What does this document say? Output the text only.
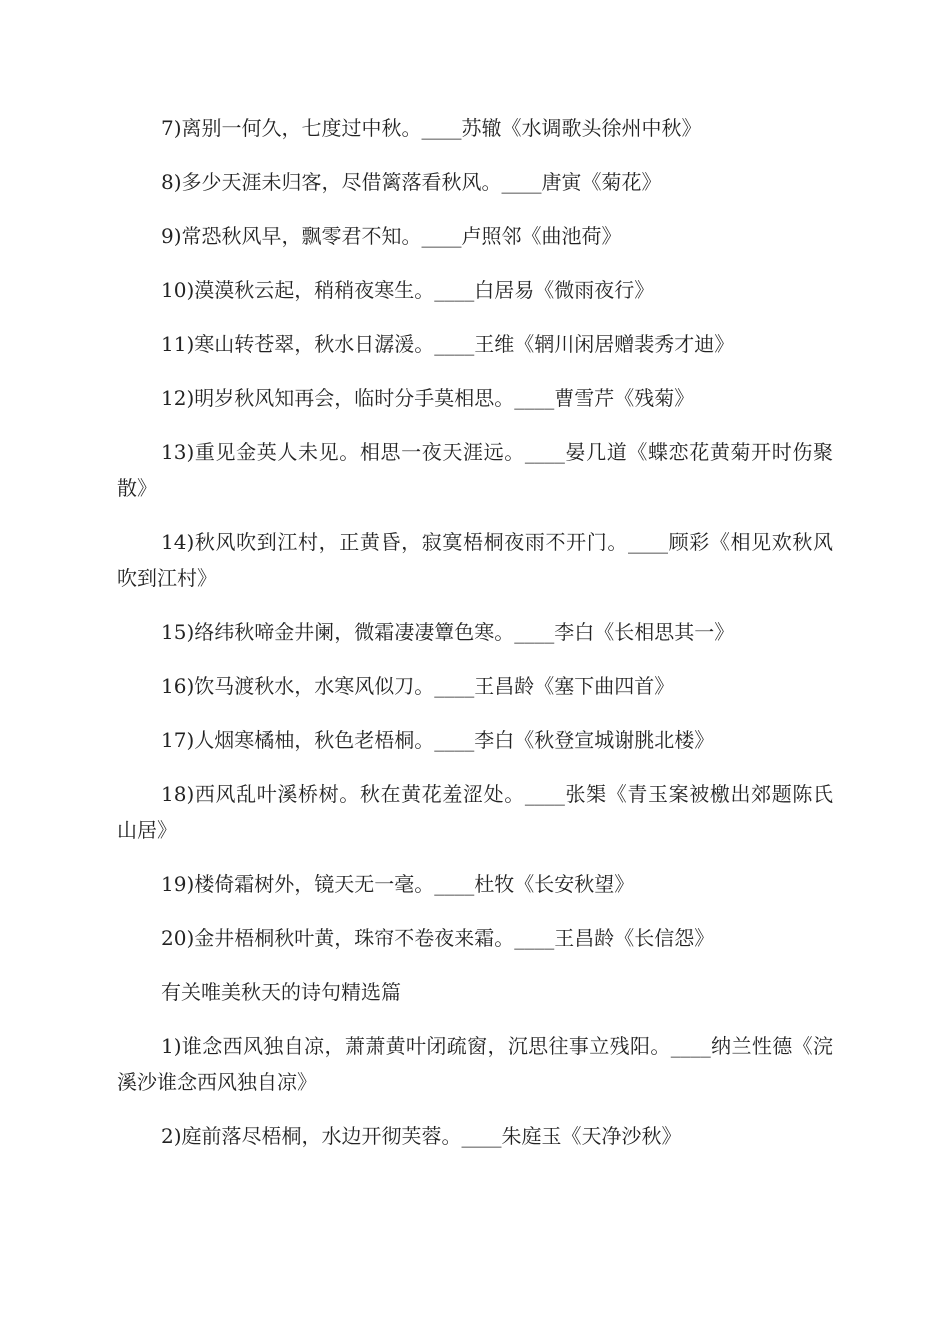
7)离别一何久，七度过中秋。____苏辙《水调歌头徐州中秋》

8)多少天涯未归客，尽借篱落看秋风。____唐寅《菊花》

9)常恐秋风早，飘零君不知。____卢照邻《曲池荷》

10)漠漠秋云起，稍稍夜寒生。____白居易《微雨夜行》

11)寒山转苍翠，秋水日潺湲。____王维《辋川闲居赠裴秀才迪》

12)明岁秋风知再会，临时分手莫相思。____曹雪芹《残菊》

13)重见金英人未见。相思一夜天涯远。____晏几道《蝶恋花黄菊开时伤聚散》

14)秋风吹到江村，正黄昏，寂寞梧桐夜雨不开门。____顾彩《相见欢秋风吹到江村》

15)络纬秋啼金井阑，微霜凄凄簟色寒。____李白《长相思其一》

16)饮马渡秋水，水寒风似刀。____王昌龄《塞下曲四首》

17)人烟寒橘柚，秋色老梧桐。____李白《秋登宣城谢朓北楼》

18)西风乱叶溪桥树。秋在黄花羞涩处。____张榘《青玉案被檄出郊题陈氏山居》

19)楼倚霜树外，镜天无一毫。____杜牧《长安秋望》

20)金井梧桐秋叶黄，珠帘不卷夜来霜。____王昌龄《长信怨》

有关唯美秋天的诗句精选篇

1)谁念西风独自凉，萧萧黄叶闭疏窗，沉思往事立残阳。____纳兰性德《浣溪沙谁念西风独自凉》

2)庭前落尽梧桐，水边开彻芙蓉。____朱庭玉《天净沙秋》
